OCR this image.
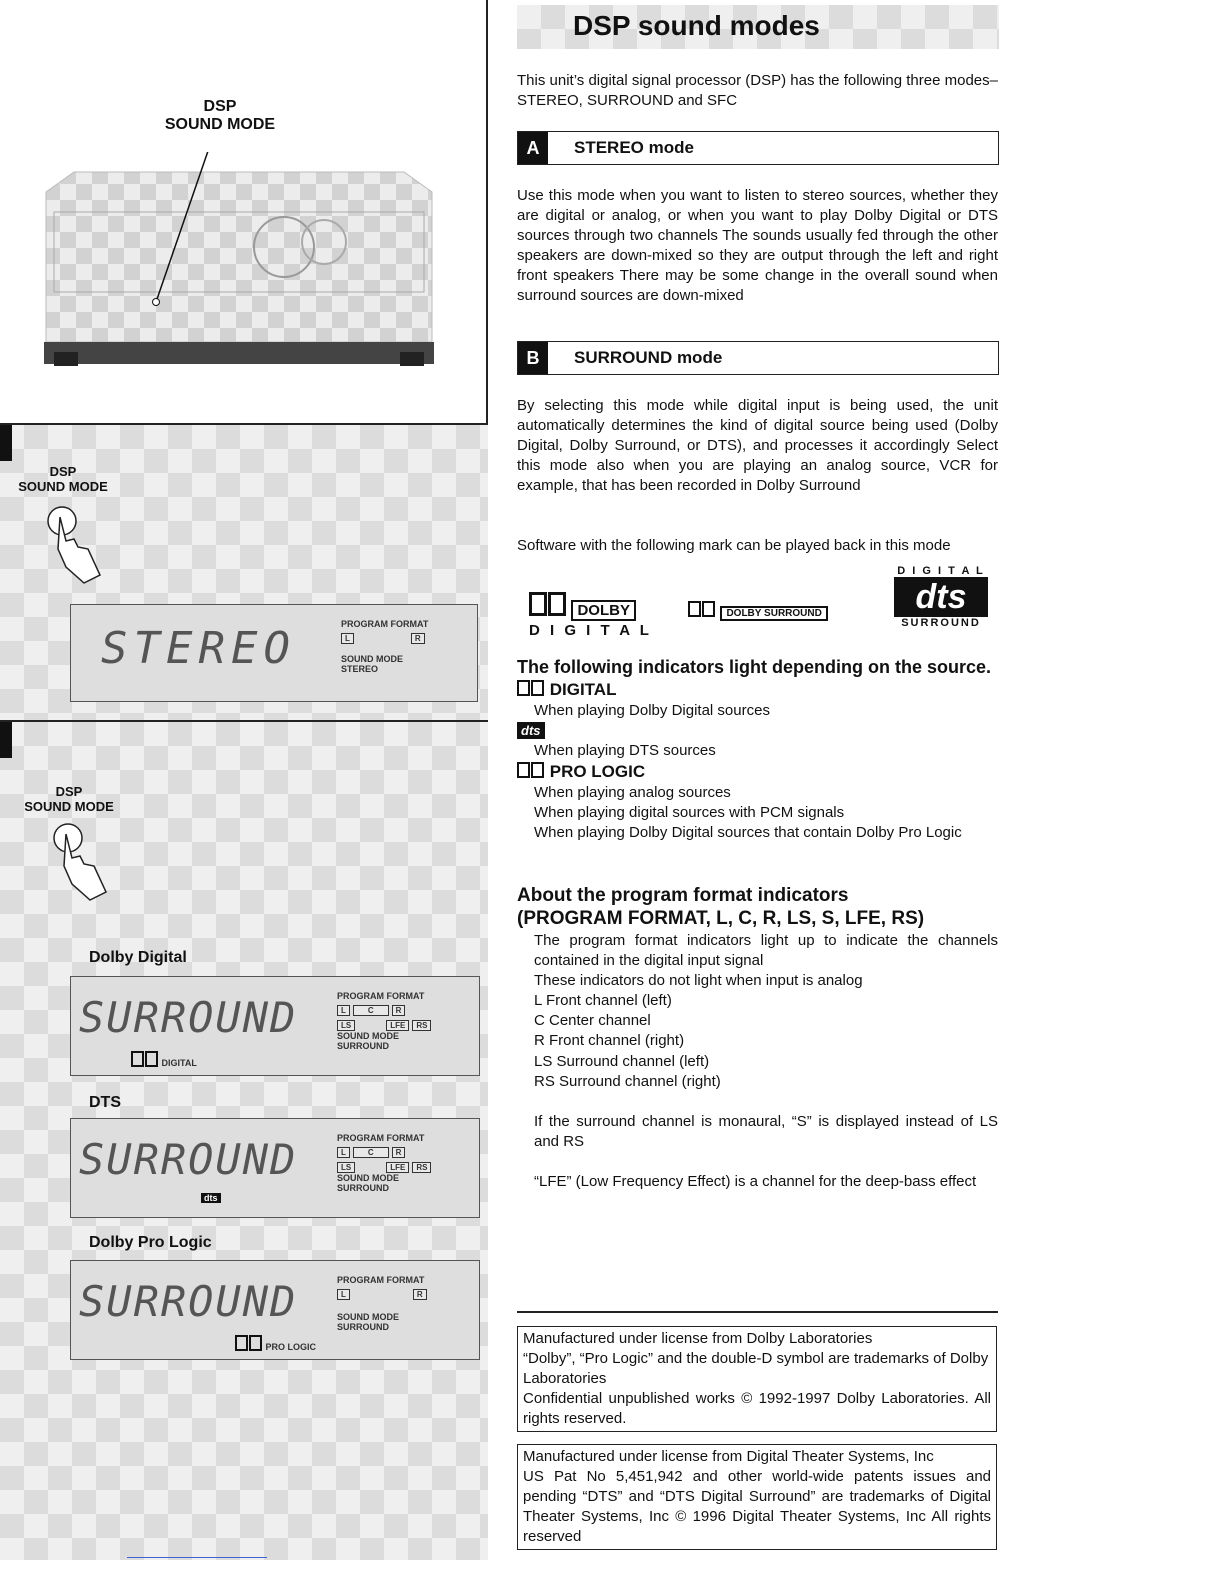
DSP
SOUND MODE
DSP
SOUND MODE
STEREO	PROGRAM FORMAT
L	R
SOUND MODE
STEREO
DSP
SOUND MODE
Dolby Digital
SURROUND
DIGITAL
PROGRAM FORMAT
L	C	R
LS	LFE RS
SOUND MODE
SURROUND
DTS
SURROUND
dts
PROGRAM FORMAT
L	C	R
LS	LFE RS
SOUND MODE
SURROUND
Dolby Pro Logic
SURROUND
PRO LOGIC
PROGRAM FORMAT
L	R
SOUND MODE
SURROUND
DSP sound modes
This unit’s digital signal processor (DSP) has the following three modes–STEREO, SURROUND and SFC
A	STEREO mode
Use this mode when you want to listen to stereo sources, whether they are digital or analog, or when you want to play Dolby Digital or DTS sources through two channels The sounds usually fed through the other speakers are down-mixed so they are output through the left and right front speakers There may be some change in the overall sound when surround sources are down-mixed
B	SURROUND mode
By selecting this mode while digital input is being used, the unit automatically determines the kind of digital source being used (Dolby Digital, Dolby Surround, or DTS), and processes it accordingly Select this mode also when you are playing an analog source, VCR for example, that has been recorded in Dolby Surround
Software with the following mark can be played back in this mode
DOLBY
D I G I T A L
DOLBY SURROUND
D I G I T A L
dts
SURROUND
The following indicators light depending on the source.
DIGITAL
When playing Dolby Digital sources
dts
When playing DTS sources
PRO LOGIC
When playing analog sources
When playing digital sources with PCM signals
When playing Dolby Digital sources that contain Dolby Pro Logic
About the program format indicators
(PROGRAM FORMAT, L, C, R, LS, S, LFE, RS)
The program format indicators light up to indicate the channels contained in the digital input signal
These indicators do not light when input is analog
L Front channel (left)
C Center channel
R Front channel (right)
LS Surround channel (left)
RS Surround channel (right)
If the surround channel is monaural, “S” is displayed instead of LS and RS
“LFE” (Low Frequency Effect) is a channel for the deep-bass effect
Manufactured under license from Dolby Laboratories
“Dolby”, “Pro Logic” and the double-D symbol are trademarks of Dolby Laboratories
Confidential unpublished works © 1992-1997 Dolby Laboratories. All rights reserved.
Manufactured under license from Digital Theater Systems, Inc
US Pat No 5,451,942 and other world-wide patents issues and pending “DTS” and “DTS Digital Surround” are trademarks of Digital Theater Systems, Inc © 1996 Digital Theater Systems, Inc All rights reserved
